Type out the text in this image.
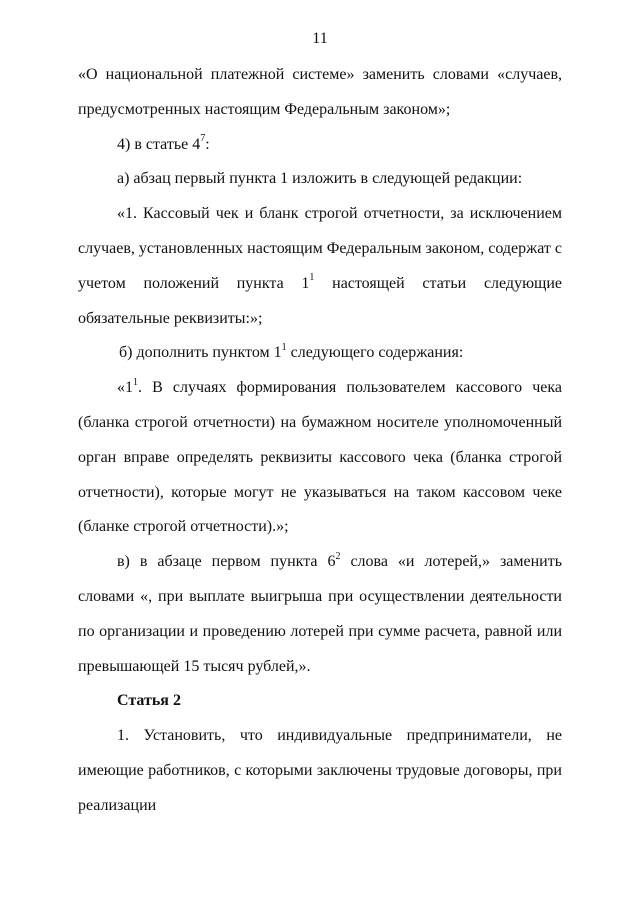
11

«О национальной платежной системе» заменить словами «случаев, предусмотренных настоящим Федеральным законом»;

4) в статье $4^7$:

а) абзац первый пункта 1 изложить в следующей редакции:

«1. Кассовый чек и бланк строгой отчетности, за исключением случаев, установленных настоящим Федеральным законом, содержат с учетом положений пункта $1^1$ настоящей статьи следующие обязательные реквизиты:»;

б) дополнить пунктом $1^1$ следующего содержания:

«$1^1$. В случаях формирования пользователем кассового чека (бланка строгой отчетности) на бумажном носителе уполномоченный орган вправе определять реквизиты кассового чека (бланка строгой отчетности), которые могут не указываться на таком кассовом чеке (бланке строгой отчетности).»;

в) в абзаце первом пункта $6^2$ слова «и лотерей,» заменить словами «, при выплате выигрыша при осуществлении деятельности по организации и проведению лотерей при сумме расчета, равной или превышающей 15 тысяч рублей,».

Статья 2

1. Установить, что индивидуальные предприниматели, не имеющие работников, с которыми заключены трудовые договоры, при реализации
